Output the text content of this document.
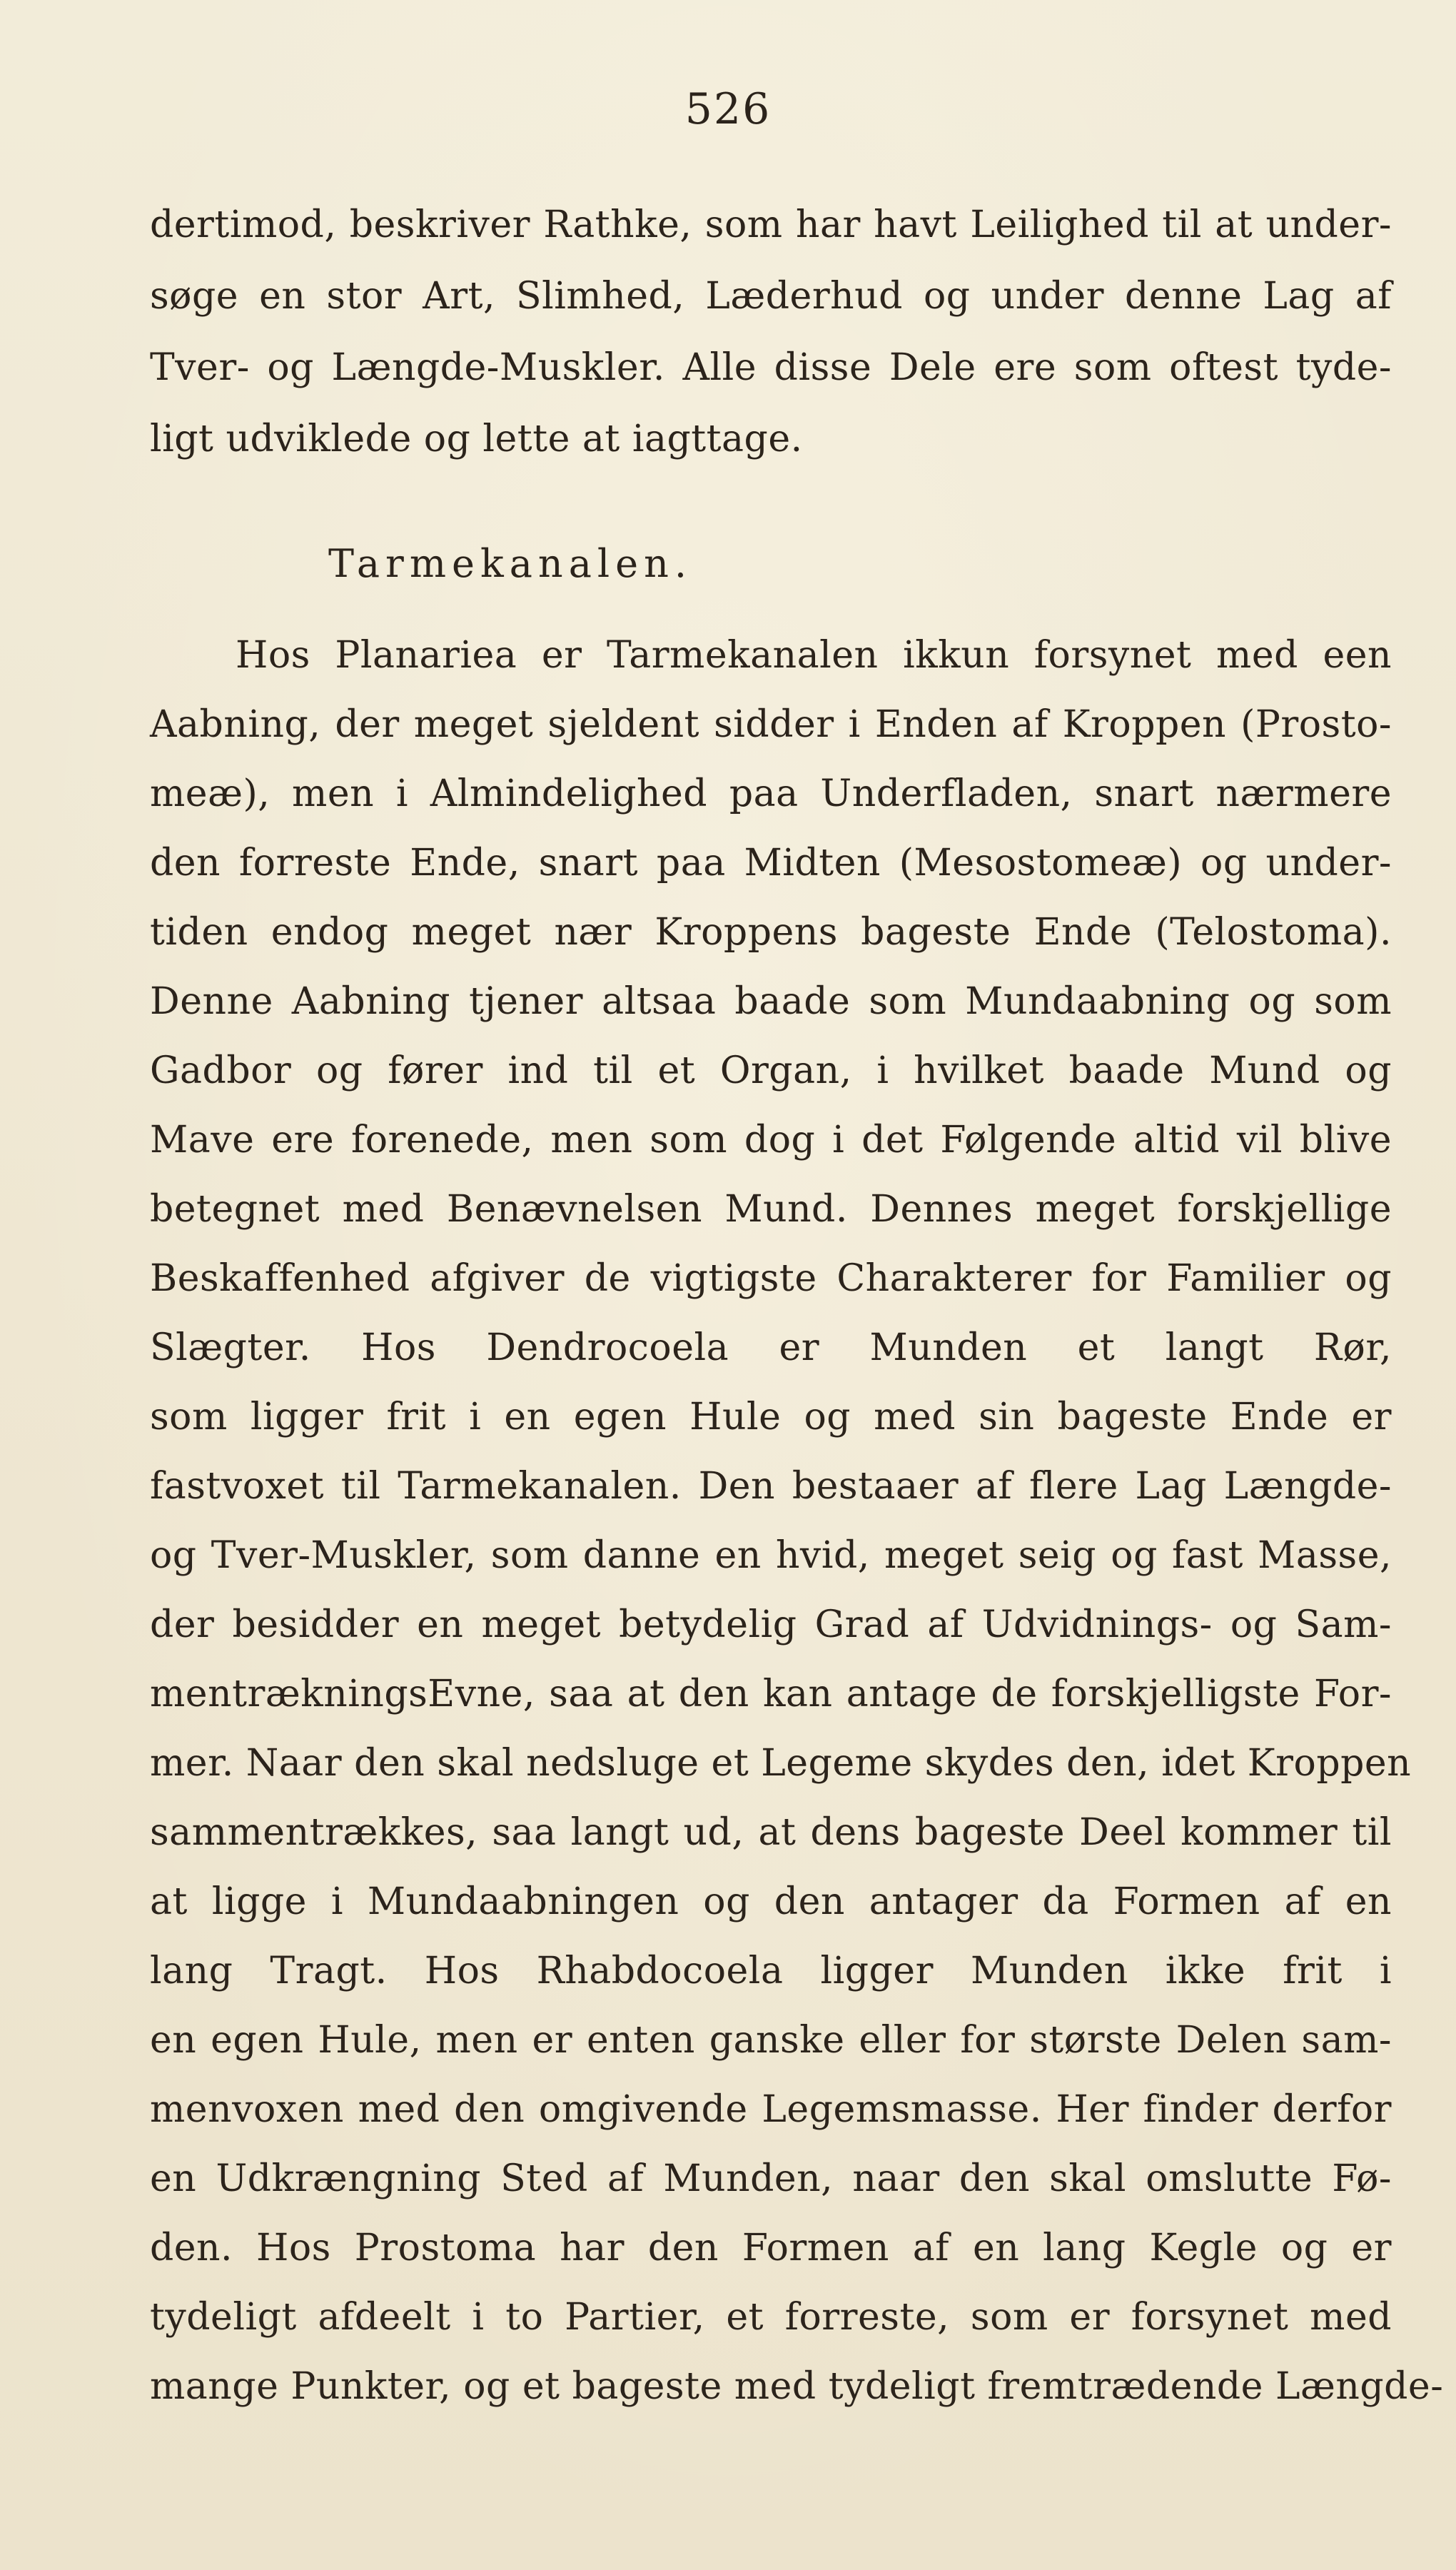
526
dertimod, beskriver Rathke, som har havt Leilighed til at under-
søge en stor Art, Slimhed, Læderhud og under denne Lag af
Tver- og Længde-Muskler. Alle disse Dele ere som oftest tyde-
ligt udviklede og lette at iagttage.
Tarmekanalen.
Hos Planariea er Tarmekanalen ikkun forsynet med een
Aabning, der meget sjeldent sidder i Enden af Kroppen (Prosto-
meæ), men i Almindelighed paa Underfladen, snart nærmere
den forreste Ende, snart paa Midten (Mesostomeæ) og under-
tiden endog meget nær Kroppens bageste Ende (Telostoma).
Denne Aabning tjener altsaa baade som Mundaabning og som
Gadbor og fører ind til et Organ, i hvilket baade Mund og
Mave ere forenede, men som dog i det Følgende altid vil blive
betegnet med Benævnelsen Mund. Dennes meget forskjellige
Beskaffenhed afgiver de vigtigste Charakterer for Familier og
Slægter. Hos Dendrocoela er Munden et langt Rør,
som ligger frit i en egen Hule og med sin bageste Ende er
fastvoxet til Tarmekanalen. Den bestaaer af flere Lag Længde-
og Tver-Muskler, som danne en hvid, meget seig og fast Masse,
der besidder en meget betydelig Grad af Udvidnings- og Sam-
mentrækningsEvne, saa at den kan antage de forskjelligste For-
mer. Naar den skal nedsluge et Legeme skydes den, idet Kroppen
sammentrækkes, saa langt ud, at dens bageste Deel kommer til
at ligge i Mundaabningen og den antager da Formen af en
lang Tragt. Hos Rhabdocoela ligger Munden ikke frit i
en egen Hule, men er enten ganske eller for største Delen sam-
menvoxen med den omgivende Legemsmasse. Her finder derfor
en Udkrængning Sted af Munden, naar den skal omslutte Fø-
den. Hos Prostoma har den Formen af en lang Kegle og er
tydeligt afdeelt i to Partier, et forreste, som er forsynet med
mange Punkter, og et bageste med tydeligt fremtrædende Længde-
